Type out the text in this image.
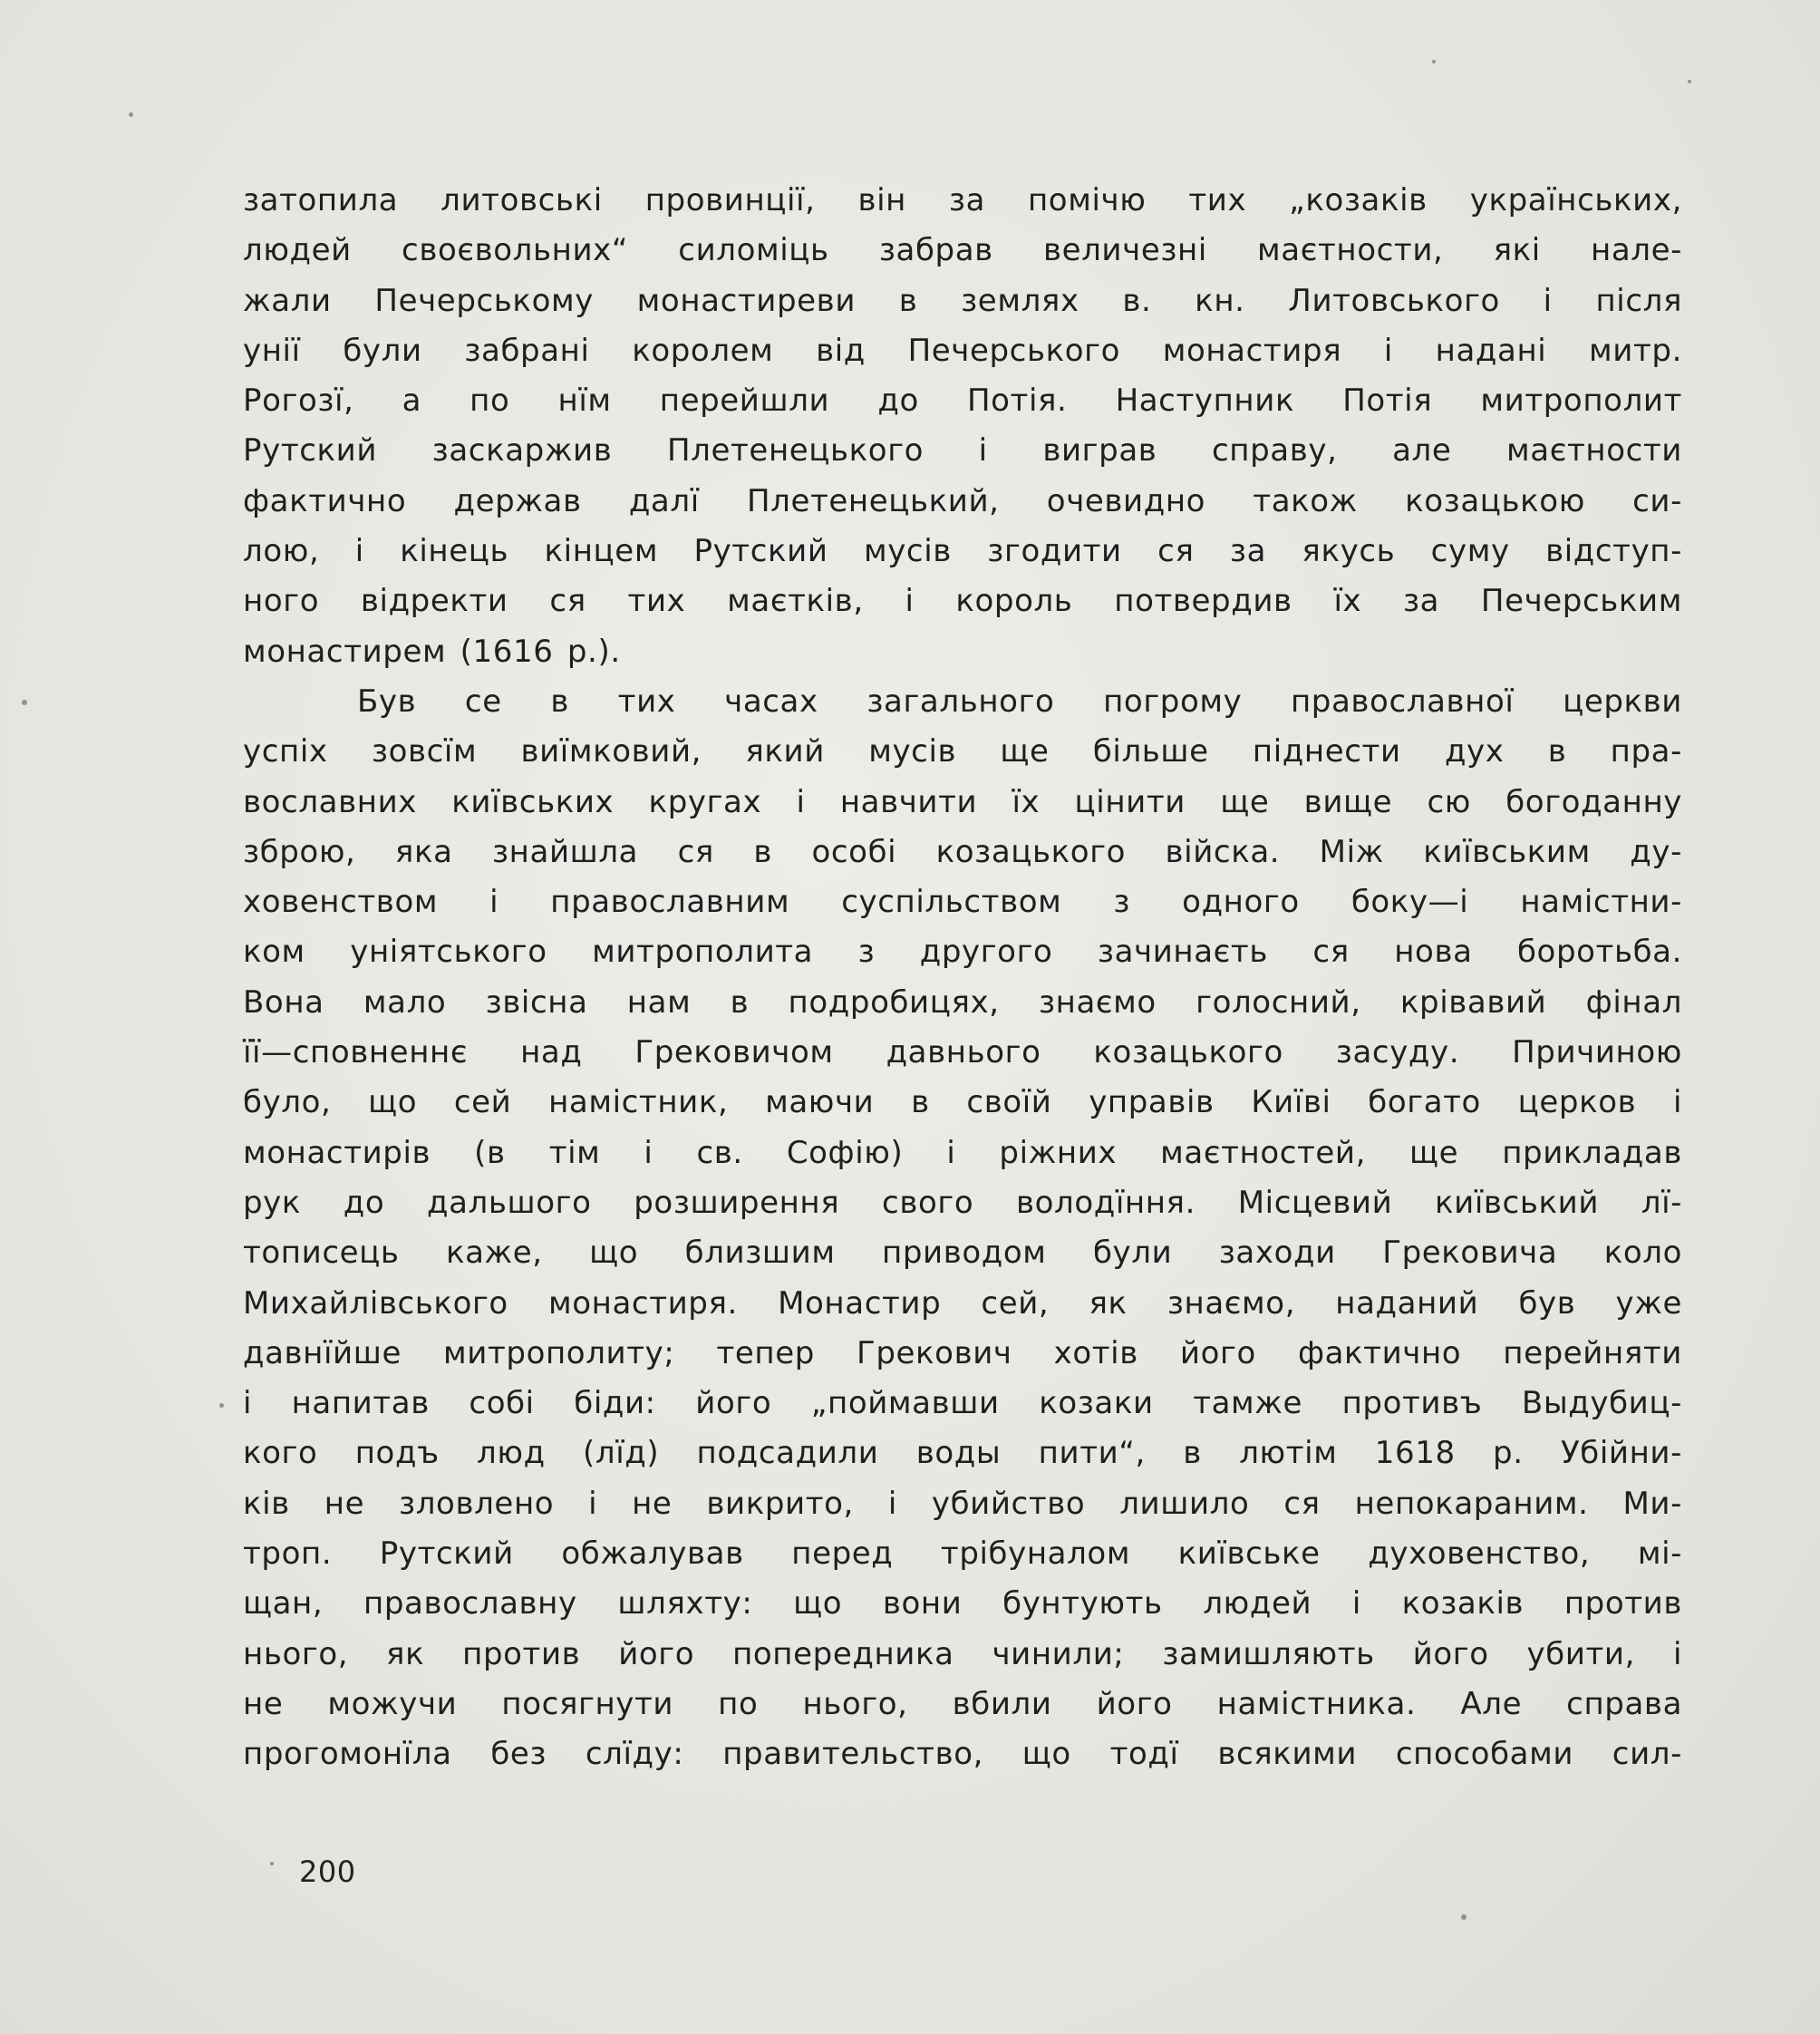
затопила литовські провинції, він за помічю тих „козаків українських,
людей своєвольних“ силоміць забрав величезні маєтности, які нале-
жали Печерському монастиреви в землях в. кн. Литовського і після
унії були забрані королем від Печерського монастиря і надані митр.
Рогозї, а по нїм перейшли до Потія. Наступник Потія митрополит
Рутский заскаржив Плетенецького і виграв справу, але маєтности
фактично держав далї Плетенецький, очевидно також козацькою си-
лою, і кінець кінцем Рутский мусів згодити ся за якусь суму відступ-
ного відректи ся тих маєтків, і король потвердив їх за Печерським
монастирем (1616 р.).
Був се в тих часах загального погрому православної церкви
успіх зовсїм виїмковий, який мусів ще більше піднести дух в пра-
вославних київських кругах і навчити їх цінити ще вище сю богоданну
зброю, яка знайшла ся в особі козацького війска. Між київським ду-
ховенством і православним суспільством з одного боку—і намістни-
ком уніятського митрополита з другого зачинаєть ся нова боротьба.
Вона мало звісна нам в подробицях, знаємо голосний, крівавий фінал
її—сповненнє над Грековичом давнього козацького засуду. Причиною
було, що сей намістник, маючи в своїй управів Київі богато церков і
монастирів (в тім і св. Софію) і ріжних маєтностей, ще прикладав
рук до дальшого розширення свого володїння. Місцевий київський лї-
тописець каже, що близшим приводом були заходи Грековича коло
Михайлівського монастиря. Монастир сей, як знаємо, наданий був уже
давнїйше митрополиту; тепер Грекович хотів його фактично перейняти
і напитав собі біди: його „поймавши козаки тамже противъ Выдубиц-
кого подъ люд (лїд) подсадили воды пити“, в лютім 1618 р. Убійни-
ків не зловлено і не викрито, і убийство лишило ся непокараним. Ми-
троп. Рутский обжалував перед трібуналом київське духовенство, мі-
щан, православну шляхту: що вони бунтують людей і козаків против
нього, як против його попередника чинили; замишляють його убити, і
не можучи посягнути по нього, вбили його намістника. Але справа
прогомонїла без слїду: правительство, що тодї всякими способами сил-
200
